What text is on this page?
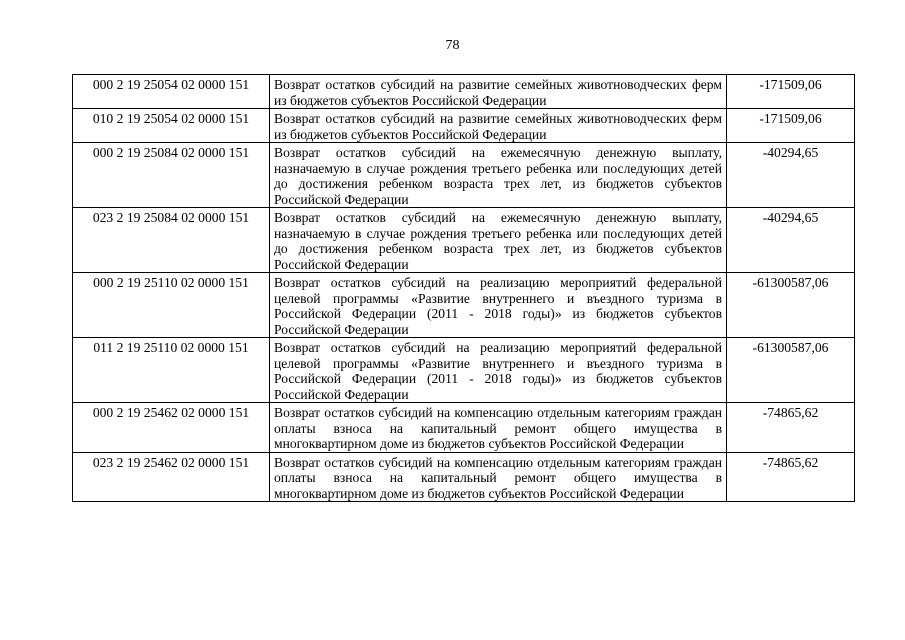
78
000 2 19 25054 02 0000 151	Возврат остатков субсидий на развитие семейных животноводческих ферм из бюджетов субъектов Российской Федерации	-171509,06
010 2 19 25054 02 0000 151	Возврат остатков субсидий на развитие семейных животноводческих ферм из бюджетов субъектов Российской Федерации	-171509,06
000 2 19 25084 02 0000 151	Возврат остатков субсидий на ежемесячную денежную выплату, назначаемую в случае рождения третьего ребенка или последующих детей до достижения ребенком возраста трех лет, из бюджетов субъектов Российской Федерации	-40294,65
023 2 19 25084 02 0000 151	Возврат остатков субсидий на ежемесячную денежную выплату, назначаемую в случае рождения третьего ребенка или последующих детей до достижения ребенком возраста трех лет, из бюджетов субъектов Российской Федерации	-40294,65
000 2 19 25110 02 0000 151	Возврат остатков субсидий на реализацию мероприятий федеральной целевой программы «Развитие внутреннего и въездного туризма в Российской Федерации (2011 - 2018 годы)» из бюджетов субъектов Российской Федерации	-61300587,06
011 2 19 25110 02 0000 151	Возврат остатков субсидий на реализацию мероприятий федеральной целевой программы «Развитие внутреннего и въездного туризма в Российской Федерации (2011 - 2018 годы)» из бюджетов субъектов Российской Федерации	-61300587,06
000 2 19 25462 02 0000 151	Возврат остатков субсидий на компенсацию отдельным категориям граждан оплаты взноса на капитальный ремонт общего имущества в многоквартирном доме из бюджетов субъектов Российской Федерации	-74865,62
023 2 19 25462 02 0000 151	Возврат остатков субсидий на компенсацию отдельным категориям граждан оплаты взноса на капитальный ремонт общего имущества в многоквартирном доме из бюджетов субъектов Российской Федерации	-74865,62
